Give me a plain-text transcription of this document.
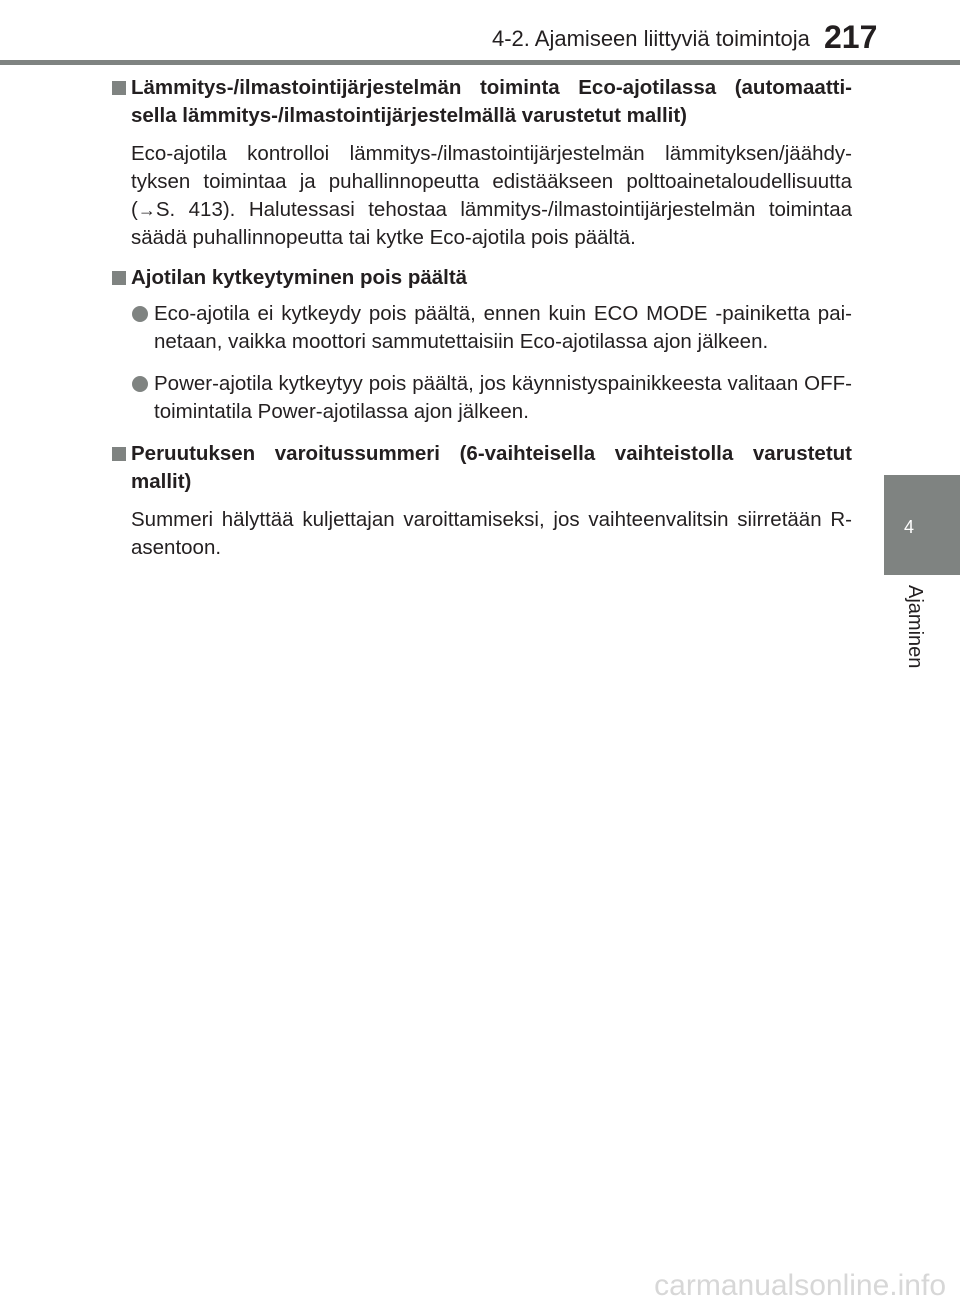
4-2. Ajamiseen liittyviä toimintoja 217
4
Ajaminen
Lämmitys-/ilmastointijärjestelmän toiminta Eco-ajotilassa (automaatti-sella lämmitys-/ilmastointijärjestelmällä varustetut mallit)
Eco-ajotila kontrolloi lämmitys-/ilmastointijärjestelmän lämmityksen/jäähdy-tyksen toimintaa ja puhallinnopeutta edistääkseen polttoainetaloudellisuutta (→S. 413). Halutessasi tehostaa lämmitys-/ilmastointijärjestelmän toimintaa säädä puhallinnopeutta tai kytke Eco-ajotila pois päältä.
Ajotilan kytkeytyminen pois päältä
Eco-ajotila ei kytkeydy pois päältä, ennen kuin ECO MODE -painiketta pai-netaan, vaikka moottori sammutettaisiin Eco-ajotilassa ajon jälkeen.
Power-ajotila kytkeytyy pois päältä, jos käynnistyspainikkeesta valitaan OFF-toimintatila Power-ajotilassa ajon jälkeen.
Peruutuksen varoitussummeri (6-vaihteisella vaihteistolla varustetut mallit)
Summeri hälyttää kuljettajan varoittamiseksi, jos vaihteenvalitsin siirretään R-asentoon.
carmanualsonline.info
